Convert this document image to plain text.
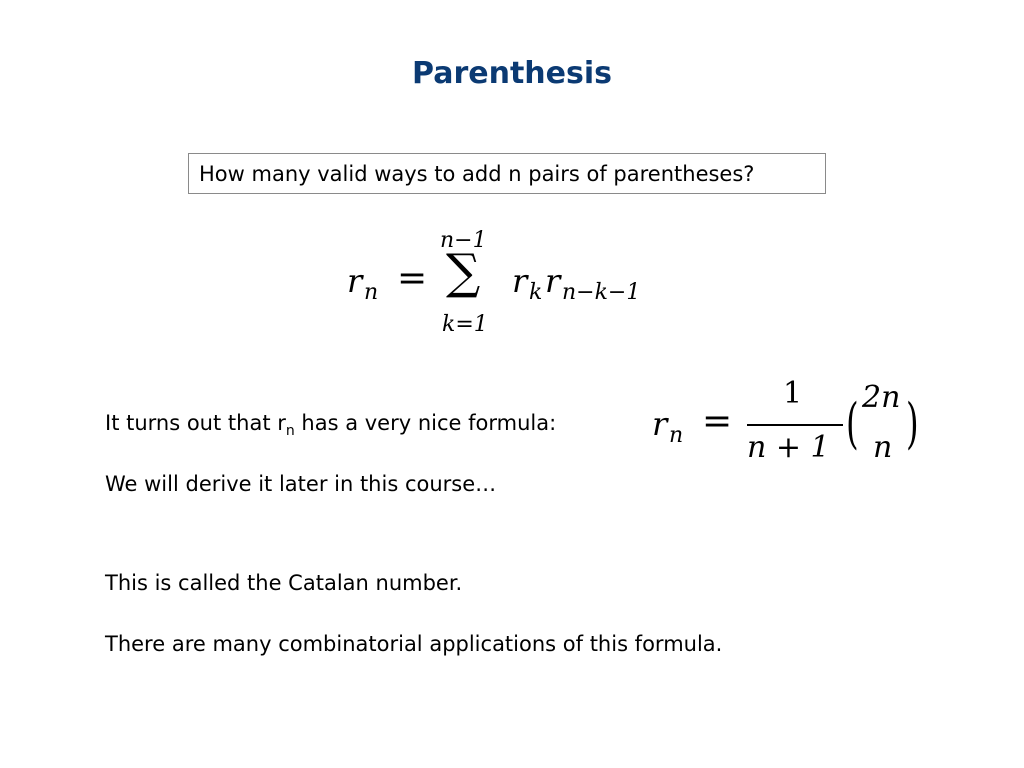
Parenthesis
How many valid ways to add n pairs of parentheses?
r n =
n−1
∑
k=1
r k r n−k−1
It turns out that $r_n$ has a very nice formula:	r n =
1
n + 1 ( 2n
n )
We will derive it later in this course…
This is called the Catalan number.
There are many combinatorial applications of this formula.
